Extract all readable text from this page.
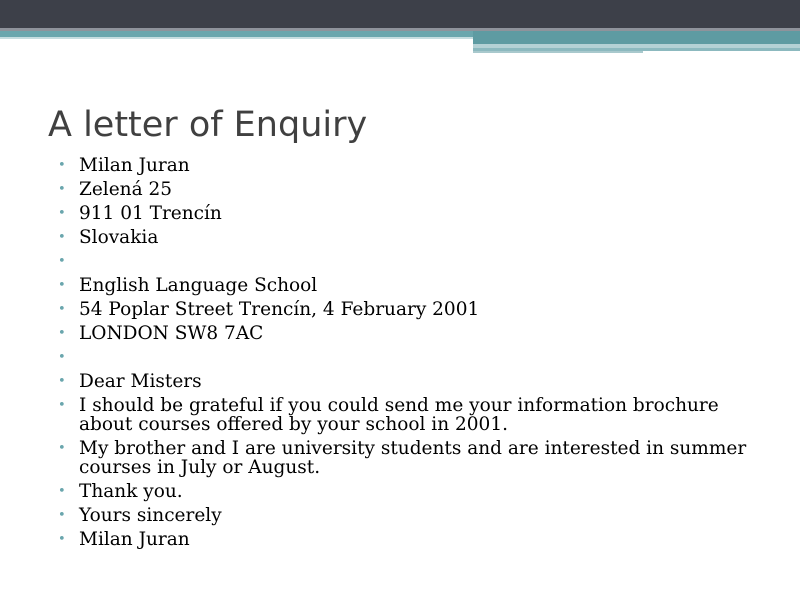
A letter of Enquiry
• Milan Juran
• Zelená 25
• 911 01 Trencín
• Slovakia
•
• English Language School
• 54 Poplar Street Trencín, 4 February 2001
• LONDON SW8 7AC
•
• Dear Misters
• I should be grateful if you could send me your information brochure about courses offered by your school in 2001.
• My brother and I are university students and are interested in summer courses in July or August.
• Thank you.
• Yours sincerely
• Milan Juran
